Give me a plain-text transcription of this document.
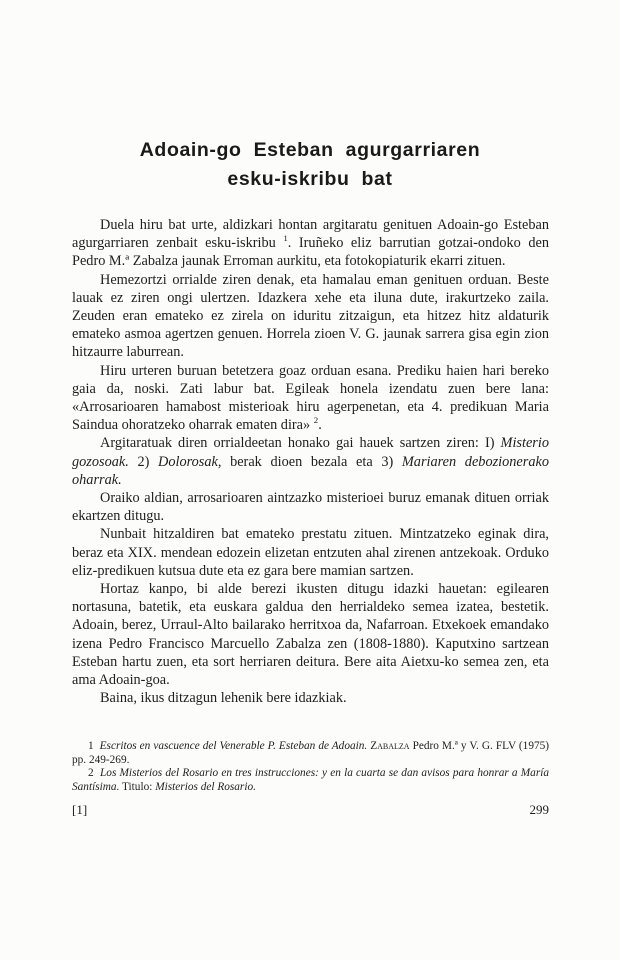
Adoain-go Esteban agurgarriaren
esku-iskribu bat

Duela hiru bat urte, aldizkari hontan argitaratu genituen Adoain-go Esteban agurgarriaren zenbait esku-iskribu $^1$. Iruñeko eliz barrutian gotzai-ondoko den Pedro M.ª Zabalza jaunak Erroman aurkitu, eta fotokopiaturik ekarri zituen.

Hemezortzi orrialde ziren denak, eta hamalau eman genituen orduan. Beste lauak ez ziren ongi ulertzen. Idazkera xehe eta iluna dute, irakurtzeko zaila. Zeuden eran emateko ez zirela on iduritu zitzaigun, eta hitzez hitz aldaturik emateko asmoa agertzen genuen. Horrela zioen V. G. jaunak sarrera gisa egin zion hitzaurre laburrean.

Hiru urteren buruan betetzera goaz orduan esana. Prediku haien hari bereko gaia da, noski. Zati labur bat. Egileak honela izendatu zuen bere lana: «Arrosarioaren hamabost misterioak hiru agerpenetan, eta 4. predikuan Maria Saindua ohoratzeko oharrak ematen dira» $^2$.

Argitaratuak diren orrialdeetan honako gai hauek sartzen ziren: I) Misterio gozosoak. 2) Dolorosak, berak dioen bezala eta 3) Mariaren debozionerako oharrak.

Oraiko aldian, arrosarioaren aintzazko misterioei buruz emanak dituen orriak ekartzen ditugu.

Nunbait hitzaldiren bat emateko prestatu zituen. Mintzatzeko eginak dira, beraz eta XIX. mendean edozein elizetan entzuten ahal zirenen antzekoak. Orduko eliz-predikuen kutsua dute eta ez gara bere mamian sartzen.

Hortaz kanpo, bi alde berezi ikusten ditugu idazki hauetan: egilearen nortasuna, batetik, eta euskara galdua den herrialdeko semea izatea, bestetik. Adoain, berez, Urraul-Alto bailarako herritxoa da, Nafarroan. Etxekoek emandako izena Pedro Francisco Marcuello Zabalza zen (1808-1880). Kaputxino sartzean Esteban hartu zuen, eta sort herriaren deitura. Bere aita Aietxu-ko semea zen, eta ama Adoain-goa.

Baina, ikus ditzagun lehenik bere idazkiak.

1  Escritos en vascuence del Venerable P. Esteban de Adoain. Zabalza Pedro M.ª y V. G. FLV (1975) pp. 249-269.

2  Los Misterios del Rosario en tres instrucciones: y en la cuarta se dan avisos para honrar a María Santísima. Titulo: Misterios del Rosario.

[1]	299
